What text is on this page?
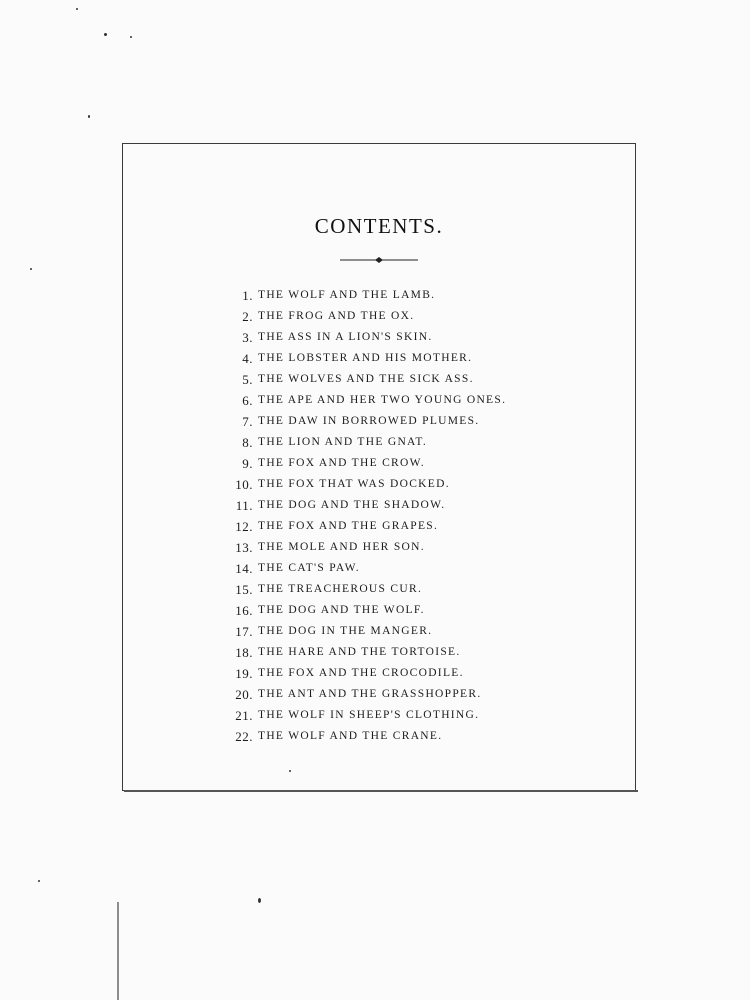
CONTENTS.
1. THE WOLF AND THE LAMB.
2. THE FROG AND THE OX.
3. THE ASS IN A LION'S SKIN.
4. THE LOBSTER AND HIS MOTHER.
5. THE WOLVES AND THE SICK ASS.
6. THE APE AND HER TWO YOUNG ONES.
7. THE DAW IN BORROWED PLUMES.
8. THE LION AND THE GNAT.
9. THE FOX AND THE CROW.
10. THE FOX THAT WAS DOCKED.
11. THE DOG AND THE SHADOW.
12. THE FOX AND THE GRAPES.
13. THE MOLE AND HER SON.
14. THE CAT'S PAW.
15. THE TREACHEROUS CUR.
16. THE DOG AND THE WOLF.
17. THE DOG IN THE MANGER.
18. THE HARE AND THE TORTOISE.
19. THE FOX AND THE CROCODILE.
20. THE ANT AND THE GRASSHOPPER.
21. THE WOLF IN SHEEP'S CLOTHING.
22. THE WOLF AND THE CRANE.
